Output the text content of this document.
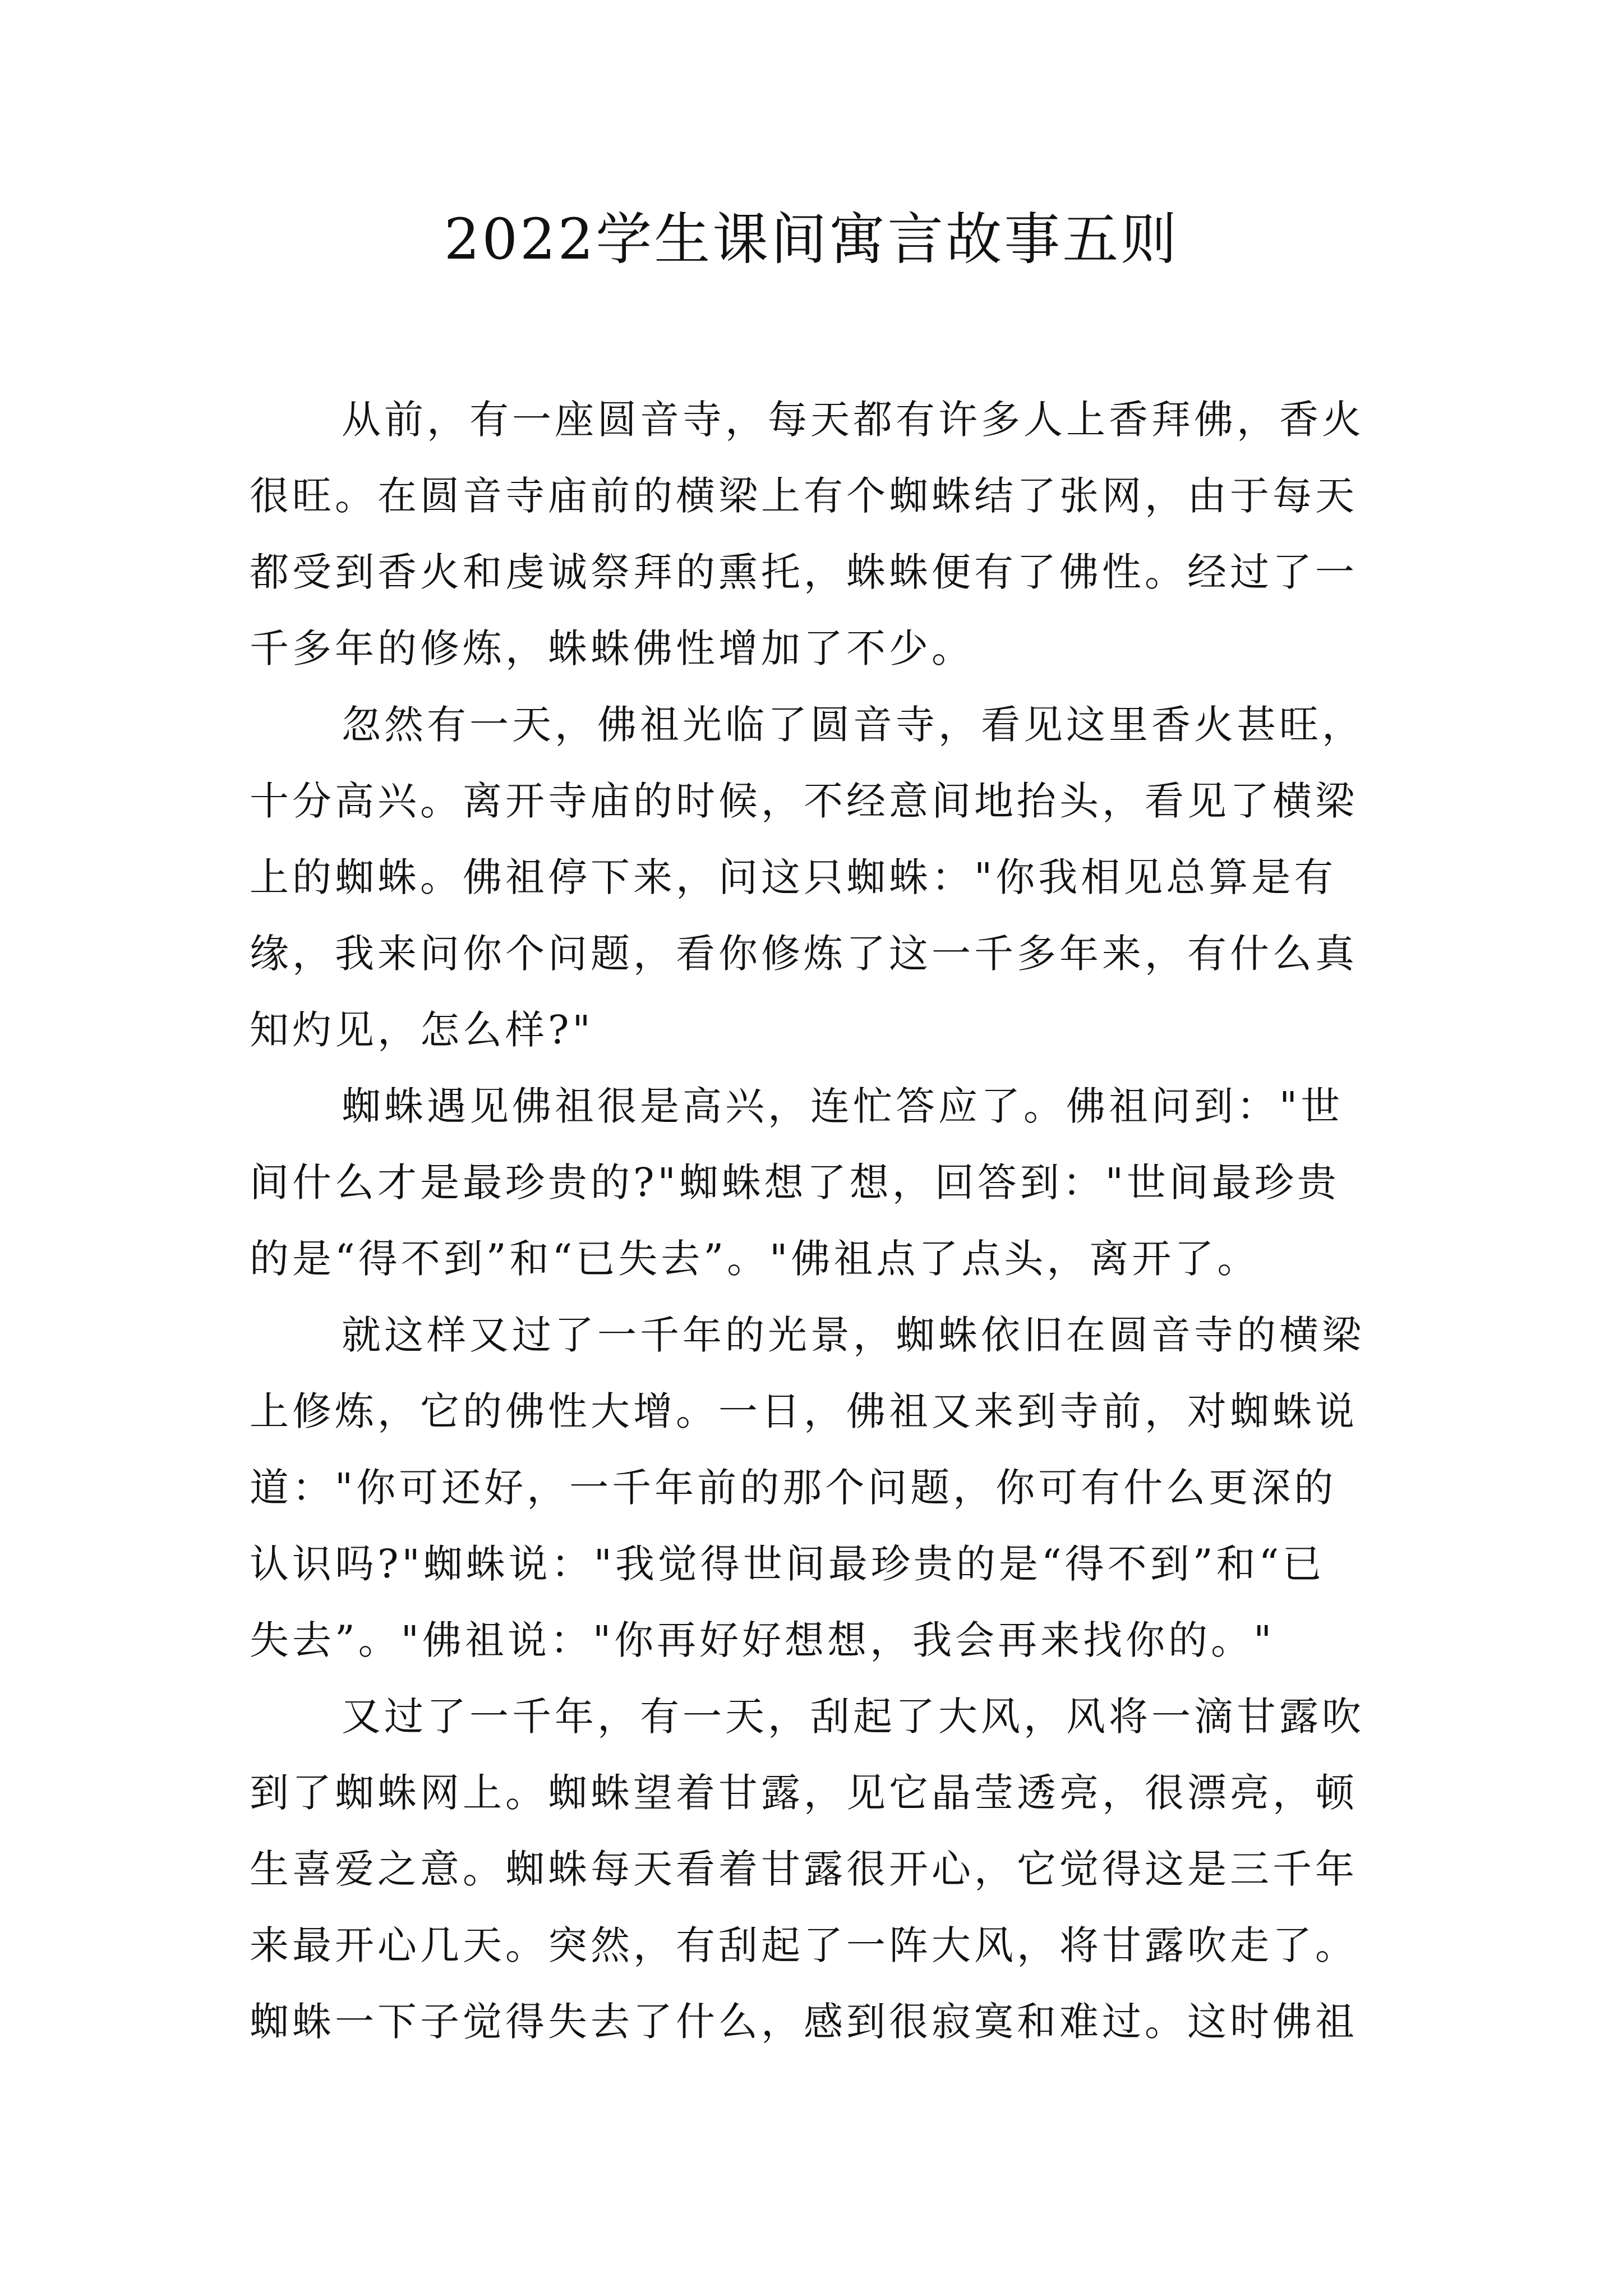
2022学生课间寓言故事五则
从前，有一座圆音寺，每天都有许多人上香拜佛，香火
很旺。在圆音寺庙前的横梁上有个蜘蛛结了张网，由于每天
都受到香火和虔诚祭拜的熏托，蛛蛛便有了佛性。经过了一
千多年的修炼，蛛蛛佛性增加了不少。
忽然有一天，佛祖光临了圆音寺，看见这里香火甚旺，
十分高兴。离开寺庙的时候，不经意间地抬头，看见了横梁
上的蜘蛛。佛祖停下来，问这只蜘蛛："你我相见总算是有
缘，我来问你个问题，看你修炼了这一千多年来，有什么真
知灼见，怎么样?"
蜘蛛遇见佛祖很是高兴，连忙答应了。佛祖问到："世
间什么才是最珍贵的?"蜘蛛想了想，回答到："世间最珍贵
的是“得不到”和“已失去”。"佛祖点了点头，离开了。
就这样又过了一千年的光景，蜘蛛依旧在圆音寺的横梁
上修炼，它的佛性大增。一日，佛祖又来到寺前，对蜘蛛说
道："你可还好，一千年前的那个问题，你可有什么更深的
认识吗?"蜘蛛说："我觉得世间最珍贵的是“得不到”和“已
失去”。"佛祖说："你再好好想想，我会再来找你的。"
又过了一千年，有一天，刮起了大风，风将一滴甘露吹
到了蜘蛛网上。蜘蛛望着甘露，见它晶莹透亮，很漂亮，顿
生喜爱之意。蜘蛛每天看着甘露很开心，它觉得这是三千年
来最开心几天。突然，有刮起了一阵大风，将甘露吹走了。
蜘蛛一下子觉得失去了什么，感到很寂寞和难过。这时佛祖
